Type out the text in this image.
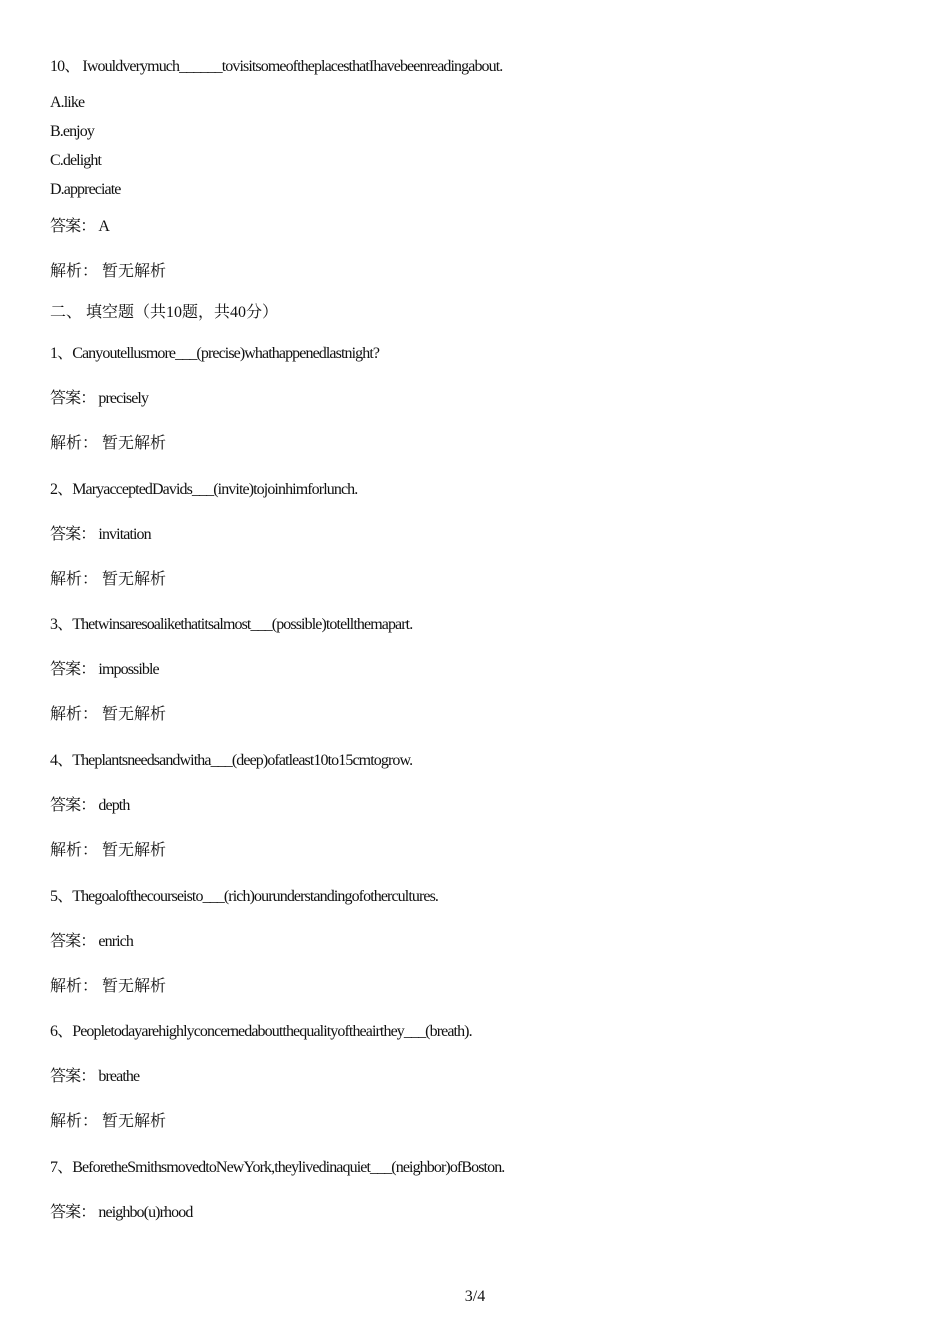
10、 Iwouldverymuch______tovisitsomeoftheplacesthatIhavebeenreadingabout.
A.like
B.enjoy
C.delight
D.appreciate
答案： A
解析： 暂无解析
二、 填空题（共10题，共40分）
1、Canyoutellusmore___(precise)whathappenedlastnight?
答案： precisely
解析： 暂无解析
2、MaryacceptedDavids___(invite)tojoinhimforlunch.
答案： invitation
解析： 暂无解析
3、Thetwinsaresoalikethatitsalmost___(possible)totellthemapart.
答案： impossible
解析： 暂无解析
4、Theplantsneedsandwitha___(deep)ofatleast10to15cmtogrow.
答案： depth
解析： 暂无解析
5、Thegoalofthecourseisto___(rich)ourunderstandingofothercultures.
答案： enrich
解析： 暂无解析
6、Peopletodayarehighlyconcernedaboutthequalityoftheairthey___(breath).
答案： breathe
解析： 暂无解析
7、BeforetheSmithsmovedtoNewYork,theylivedinaquiet___(neighbor)ofBoston.
答案： neighbo(u)rhood
3/4
